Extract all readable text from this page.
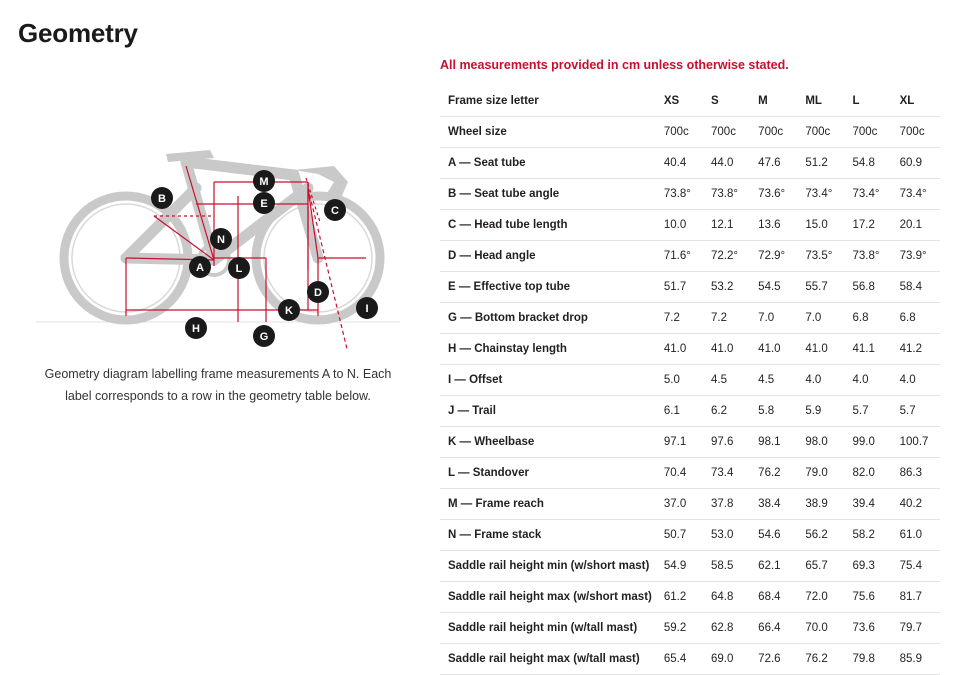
Geometry
M
B	E
C
N
A	L
D
K	I
H
G
Geometry diagram labelling frame measurements A to N. Each label corresponds to a row in the geometry table below.
All measurements provided in cm unless otherwise stated.
Frame size letter	XS	S	M	ML	L	XL
Wheel size	700c	700c	700c	700c	700c	700c
A — Seat tube	40.4	44.0	47.6	51.2	54.8	60.9
B — Seat tube angle	73.8°	73.8°	73.6°	73.4°	73.4°	73.4°
C — Head tube length	10.0	12.1	13.6	15.0	17.2	20.1
D — Head angle	71.6°	72.2°	72.9°	73.5°	73.8°	73.9°
E — Effective top tube	51.7	53.2	54.5	55.7	56.8	58.4
G — Bottom bracket drop	7.2	7.2	7.0	7.0	6.8	6.8
H — Chainstay length	41.0	41.0	41.0	41.0	41.1	41.2
I — Offset	5.0	4.5	4.5	4.0	4.0	4.0
J — Trail	6.1	6.2	5.8	5.9	5.7	5.7
K — Wheelbase	97.1	97.6	98.1	98.0	99.0	100.7
L — Standover	70.4	73.4	76.2	79.0	82.0	86.3
M — Frame reach	37.0	37.8	38.4	38.9	39.4	40.2
N — Frame stack	50.7	53.0	54.6	56.2	58.2	61.0
Saddle rail height min (w/short mast)	54.9	58.5	62.1	65.7	69.3	75.4
Saddle rail height max (w/short mast)	61.2	64.8	68.4	72.0	75.6	81.7
Saddle rail height min (w/tall mast)	59.2	62.8	66.4	70.0	73.6	79.7
Saddle rail height max (w/tall mast)	65.4	69.0	72.6	76.2	79.8	85.9
